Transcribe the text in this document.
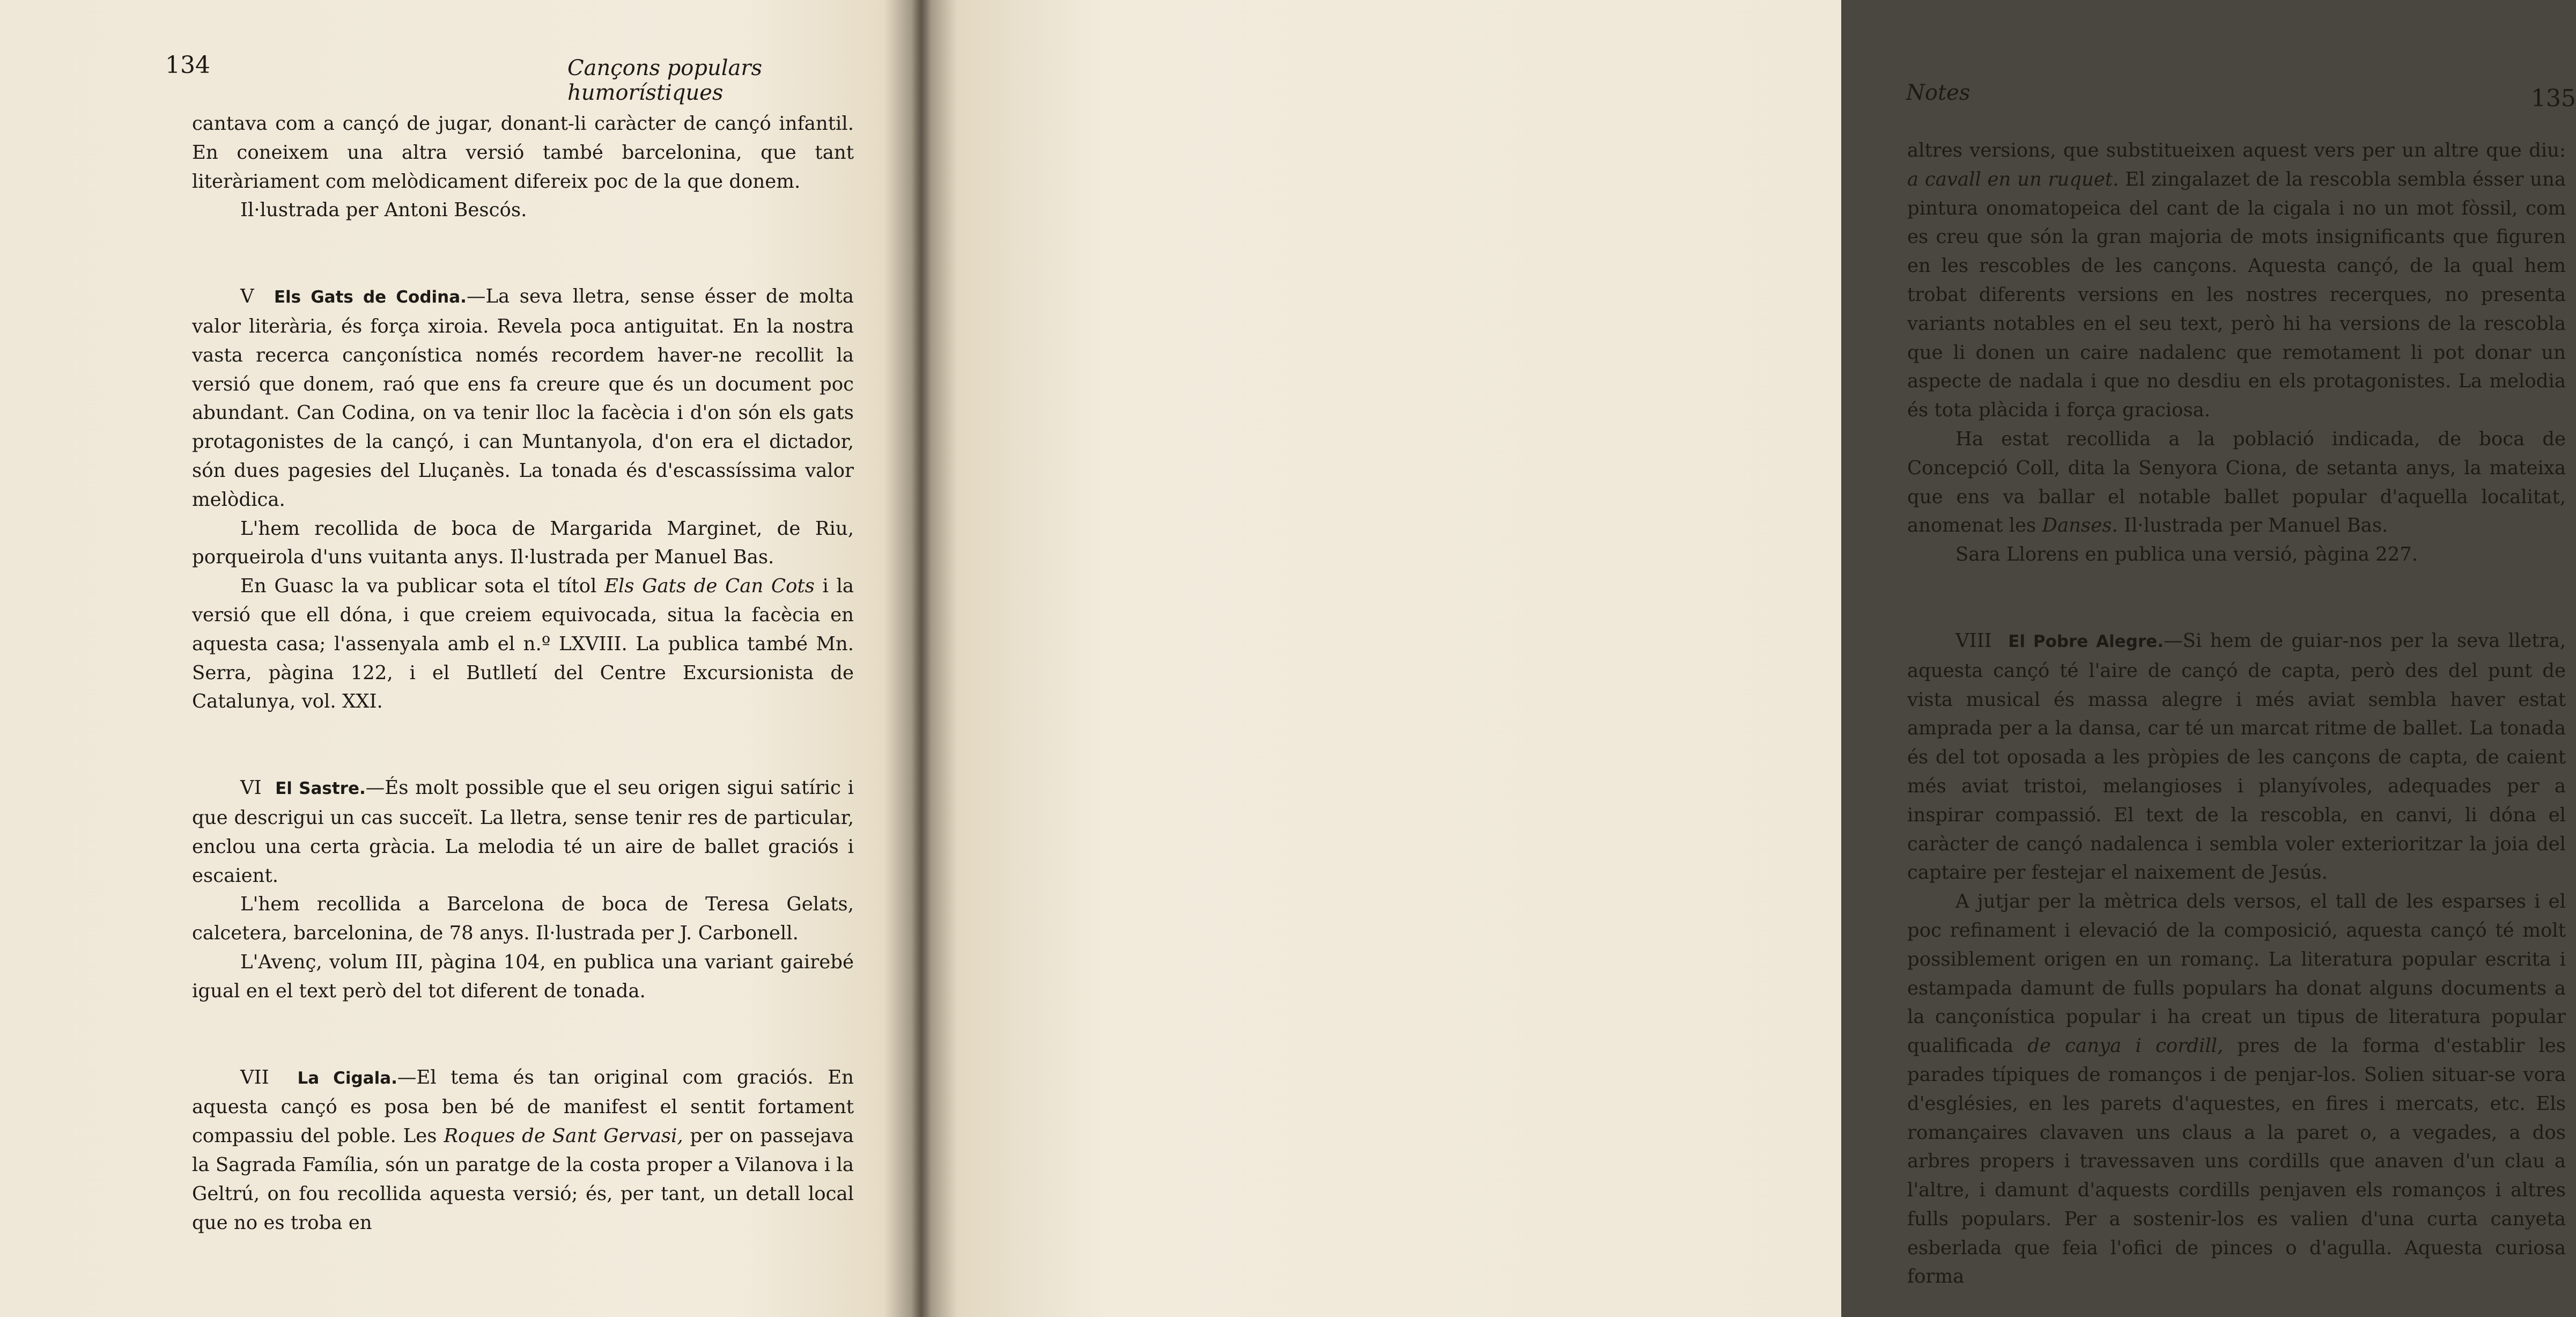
134	Cançons populars humorístiques

cantava com a cançó de jugar, donant-li caràcter de cançó infantil. En coneixem una altra versió també barcelonina, que tant literàriament com melòdicament difereix poc de la que donem.

Il·lustrada per Antoni Bescós.

V Els Gats de Codina.—La seva lletra, sense ésser de molta valor literària, és força xiroia. Revela poca antiguitat. En la nostra vasta recerca cançonística només recordem haver-ne recollit la versió que donem, raó que ens fa creure que és un document poc abundant. Can Codina, on va tenir lloc la facècia i d'on són els gats protagonistes de la cançó, i can Muntanyola, d'on era el dictador, són dues pagesies del Lluçanès. La tonada és d'escassíssima valor melòdica.

L'hem recollida de boca de Margarida Marginet, de Riu, porqueirola d'uns vuitanta anys. Il·lustrada per Manuel Bas.

En Guasc la va publicar sota el títol Els Gats de Can Cots i la versió que ell dóna, i que creiem equivocada, situa la facècia en aquesta casa; l'assenyala amb el n.º LXVIII. La publica també Mn. Serra, pàgina 122, i el Butlletí del Centre Excursionista de Catalunya, vol. XXI.

VI El Sastre.—És molt possible que el seu origen sigui satíric i que descrigui un cas succeït. La lletra, sense tenir res de particular, enclou una certa gràcia. La melodia té un aire de ballet graciós i escaient.

L'hem recollida a Barcelona de boca de Teresa Gelats, calcetera, barcelonina, de 78 anys. Il·lustrada per J. Carbonell.

L'Avenç, volum III, pàgina 104, en publica una variant gairebé igual en el text però del tot diferent de tonada.

VII La Cigala.—El tema és tan original com graciós. En aquesta cançó es posa ben bé de manifest el sentit fortament compassiu del poble. Les Roques de Sant Gervasi, per on passejava la Sagrada Família, són un paratge de la costa proper a Vilanova i la Geltrú, on fou recollida aquesta versió; és, per tant, un detall local que no es troba en

Notes	135

altres versions, que substitueixen aquest vers per un altre que diu: a cavall en un ruquet. El zingalazet de la rescobla sembla ésser una pintura onomatopeica del cant de la cigala i no un mot fòssil, com es creu que són la gran majoria de mots insignificants que figuren en les rescobles de les cançons. Aquesta cançó, de la qual hem trobat diferents versions en les nostres recerques, no presenta variants notables en el seu text, però hi ha versions de la rescobla que li donen un caire nadalenc que remotament li pot donar un aspecte de nadala i que no desdiu en els protagonistes. La melodia és tota plàcida i força graciosa.

Ha estat recollida a la població indicada, de boca de Concepció Coll, dita la Senyora Ciona, de setanta anys, la mateixa que ens va ballar el notable ballet popular d'aquella localitat, anomenat les Danses. Il·lustrada per Manuel Bas.

Sara Llorens en publica una versió, pàgina 227.

VIII El Pobre Alegre.—Si hem de guiar-nos per la seva lletra, aquesta cançó té l'aire de cançó de capta, però des del punt de vista musical és massa alegre i més aviat sembla haver estat amprada per a la dansa, car té un marcat ritme de ballet. La tonada és del tot oposada a les pròpies de les cançons de capta, de caient més aviat tristoi, melangioses i planyívoles, adequades per a inspirar compassió. El text de la rescobla, en canvi, li dóna el caràcter de cançó nadalenca i sembla voler exterioritzar la joia del captaire per festejar el naixement de Jesús.

A jutjar per la mètrica dels versos, el tall de les esparses i el poc refinament i elevació de la composició, aquesta cançó té molt possiblement origen en un romanç. La literatura popular escrita i estampada damunt de fulls populars ha donat alguns documents a la cançonística popular i ha creat un tipus de literatura popular qualificada de canya i cordill, pres de la forma d'establir les parades típiques de romanços i de penjar-los. Solien situar-se vora d'esglésies, en les parets d'aquestes, en fires i mercats, etc. Els romançaires clavaven uns claus a la paret o, a vegades, a dos arbres propers i travessaven uns cordills que anaven d'un clau a l'altre, i damunt d'aquests cordills penjaven els romanços i altres fulls populars. Per a sostenir-los es valien d'una curta canyeta esberlada que feia l'ofici de pinces o d'agulla. Aquesta curiosa forma
